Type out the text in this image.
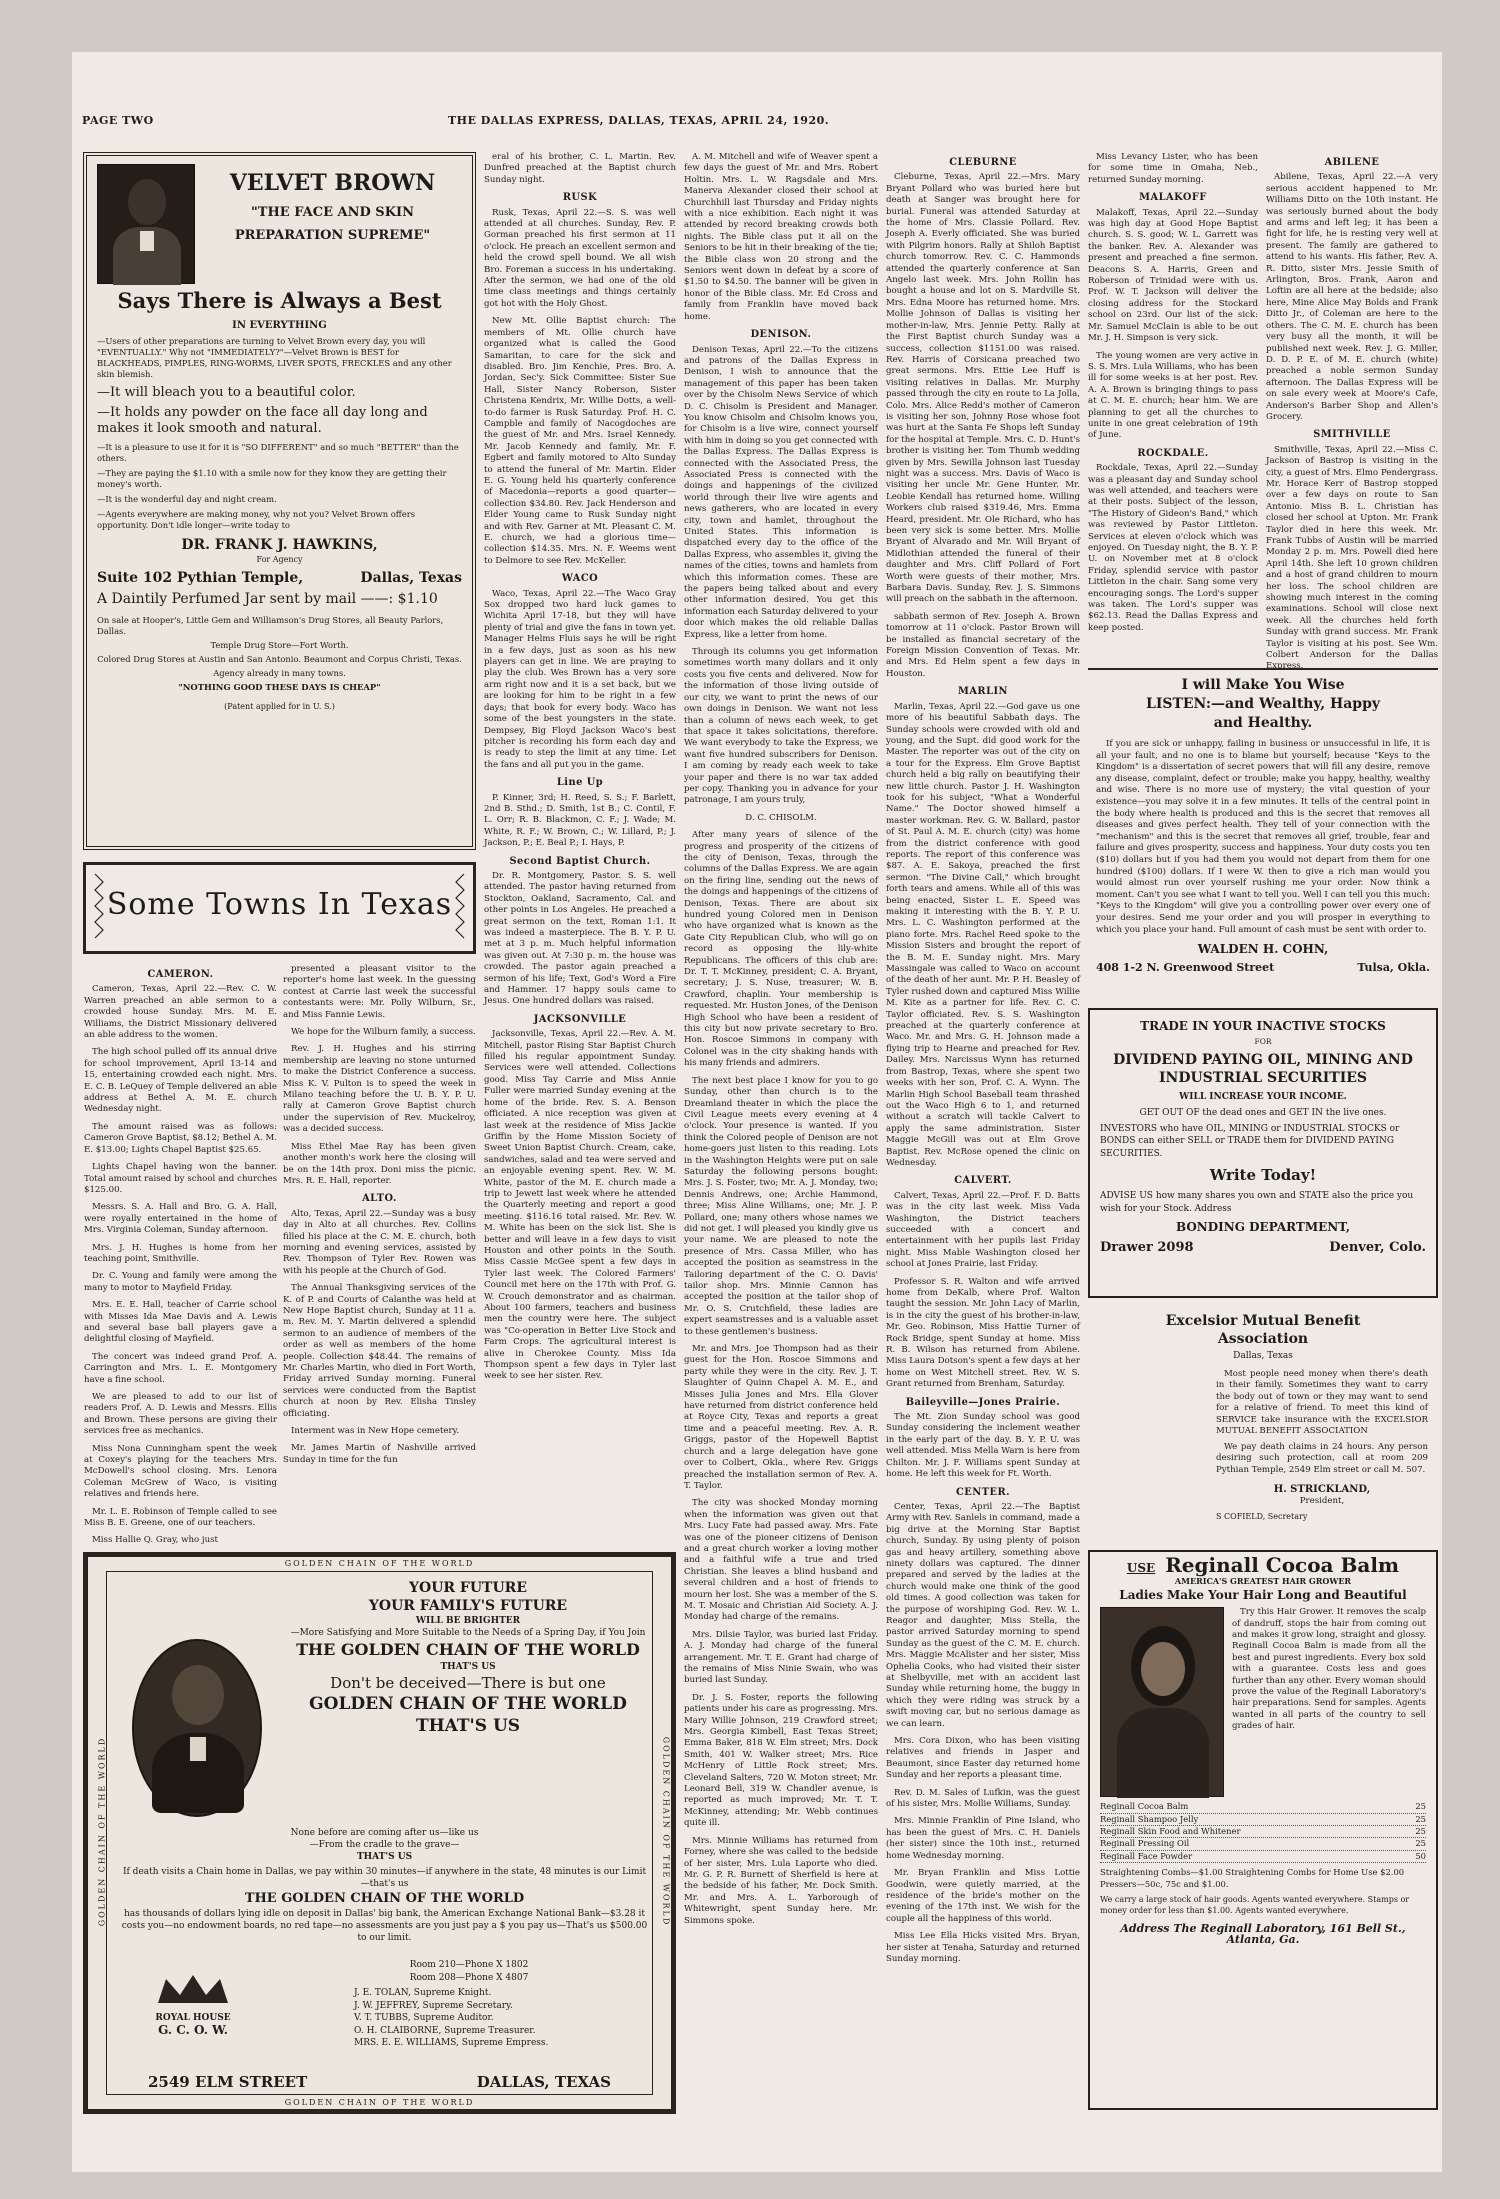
PAGE TWO	THE DALLAS EXPRESS, DALLAS, TEXAS, APRIL 24, 1920.
VELVET BROWN
"THE FACE AND SKIN
PREPARATION SUPREME"
Says There is Always a Best
IN EVERYTHING
—Users of other preparations are turning to Velvet Brown every day, you will "EVENTUALLY." Why not "IMMEDIATELY?"—Velvet Brown is BEST for BLACKHEADS, PIMPLES, RING-WORMS, LIVER SPOTS, FRECKLES and any other skin blemish.
—It will bleach you to a beautiful color.
—It holds any powder on the face all day long and makes it look smooth and natural.
—It is a pleasure to use it for it is "SO DIFFERENT" and so much "BETTER" than the others.
—They are paying the $1.10 with a smile now for they know they are getting their money's worth.
—It is the wonderful day and night cream.
—Agents everywhere are making money, why not you? Velvet Brown offers opportunity. Don't idle longer—write today to
DR. FRANK J. HAWKINS,
For Agency
Suite 102 Pythian Temple,	Dallas, Texas
A Daintily Perfumed Jar sent by mail ——: $1.10
On sale at Hooper's, Little Gem and Williamson's Drug Stores, all Beauty Parlors, Dallas.
Temple Drug Store—Fort Worth.
Colored Drug Stores at Austin and San Antonio. Beaumont and Corpus Christi, Texas.
Agency already in many towns.
"NOTHING GOOD THESE DAYS IS CHEAP"
(Patent applied for in U. S.)
Some Towns In Texas
CAMERON.

Cameron, Texas, April 22.—Rev. C. W. Warren preached an able sermon to a crowded house Sunday. Mrs. M. E. Williams, the District Missionary delivered an able address to the women.

The high school pulled off its annual drive for school improvement, April 13-14 and 15, entertaining crowded each night. Mrs. E. C. B. LeQuey of Temple delivered an able address at Bethel A. M. E. church Wednesday night.

The amount raised was as follows: Cameron Grove Baptist, $8.12; Bethel A. M. E. $13.00; Lights Chapel Baptist $25.65.

Lights Chapel having won the banner. Total amount raised by school and churches $125.00.

Messrs. S. A. Hall and Bro. G. A. Hall, were royally entertained in the home of Mrs. Virginia Coleman, Sunday afternoon.

Mrs. J. H. Hughes is home from her teaching point, Smithville.

Dr. C. Young and family were among the many to motor to Mayfield Friday.

Mrs. E. E. Hall, teacher of Carrie school with Misses Ida Mae Davis and A. Lewis and several base ball players gave a delightful closing of Mayfield.

The concert was indeed grand Prof. A. Carrington and Mrs. L. E. Montgomery have a fine school.

We are pleased to add to our list of readers Prof. A. D. Lewis and Messrs. Ellis and Brown. These persons are giving their services free as mechanics.

Miss Nona Cunningham spent the week at Coxey's playing for the teachers Mrs. McDowell's school closing. Mrs. Lenora Coleman McGrew of Waco, is visiting relatives and friends here.

Mr. L. E. Robinson of Temple called to see Miss B. E. Greene, one of our teachers.

Miss Hallie Q. Gray, who just

presented a pleasant visitor to the reporter's home last week. In the guessing contest at Carrie last week the successful contestants were: Mr. Polly Wilburn, Sr., and Miss Fannie Lewis.

We hope for the Wilburn family, a success.

Rev. J. H. Hughes and his stirring membership are leaving no stone unturned to make the District Conference a success. Miss K. V. Pulton is to speed the week in Milano teaching before the U. B. Y. P. U. rally at Cameron Grove Baptist church under the supervision of Rev. Muckelroy, was a decided success.

Miss Ethel Mae Ray has been given another month's work here the closing will be on the 14th prox. Doni miss the picnic. Mrs. R. E. Hall, reporter.

ALTO.

Alto, Texas, April 22.—Sunday was a busy day in Alto at all churches. Rev. Collins filled his place at the C. M. E. church, both morning and evening services, assisted by Rev. Thompson of Tyler Rev. Rowen was with his people at the Church of God.

The Annual Thanksgiving services of the K. of P. and Courts of Calanthe was held at New Hope Baptist church, Sunday at 11 a. m. Rev. M. Y. Martin delivered a splendid sermon to an audience of members of the order as well as members of the home people. Collection $48.44. The remains of Mr. Charles Martin, who died in Fort Worth, Friday arrived Sunday morning. Funeral services were conducted from the Baptist church at noon by Rev. Elisha Tinsley officiating.

Interment was in New Hope cemetery.

Mr. James Martin of Nashville arrived Sunday in time for the fun

GOLDEN CHAIN OF THE WORLD
GOLDEN CHAIN OF THE WORLD
GOLDEN CHAIN OF THE WORLD	GOLDEN CHAIN OF THE WORLD
YOUR FUTURE
YOUR FAMILY'S FUTURE
WILL BE BRIGHTER
—More Satisfying and More Suitable to the Needs of a Spring Day, if You Join
THE GOLDEN CHAIN OF THE WORLD
THAT'S US
Don't be deceived—There is but one
GOLDEN CHAIN OF THE WORLD
THAT'S US
None before are coming after us—like us
—From the cradle to the grave—
THAT'S US
If death visits a Chain home in Dallas, we pay within 30 minutes—if anywhere in the state, 48 minutes is our Limit
—that's us
THE GOLDEN CHAIN OF THE WORLD
has thousands of dollars lying idle on deposit in Dallas' big bank, the American Exchange National Bank—$3.28 it costs you—no endowment boards, no red tape—no assessments are you just pay a $ you pay us—That's us $500.00 to our limit.
Room 210—Phone X 1802
Room 208—Phone X 4807
J. E. TOLAN, Supreme Knight.
J. W. JEFFREY, Supreme Secretary.
V. T. TUBBS, Supreme Auditor.
O. H. CLAIBORNE, Supreme Treasurer.
MRS. E. E. WILLIAMS, Supreme Empress.
ROYAL HOUSE
G. C. O. W.
2549 ELM STREET	DALLAS, TEXAS

eral of his brother, C. L. Martin. Rev. Dunfred preached at the Baptist church Sunday night.

RUSK

Rusk, Texas, April 22.—S. S. was well attended at all churches. Sunday, Rev. P. Gorman preached his first sermon at 11 o'clock. He preach an excellent sermon and held the crowd spell bound. We all wish Bro. Foreman a success in his undertaking. After the sermon, we had one of the old time class meetings and things certainly got hot with the Holy Ghost.

New Mt. Ollie Baptist church: The members of Mt. Ollie church have organized what is called the Good Samaritan, to care for the sick and disabled. Bro. Jim Kenchie, Pres. Bro. A. Jordan, Sec'y. Sick Committee: Sister Sue Hall, Sister Nancy Roberson, Sister Christena Kendrix, Mr. Willie Dotts, a well-to-do farmer is Rusk Saturday. Prof. H. C. Campble and family of Nacogdoches are the guest of Mr. and Mrs. Israel Kennedy. Mr. Jacob Kennedy and family, Mr. F. Egbert and family motored to Alto Sunday to attend the funeral of Mr. Martin. Elder E. G. Young held his quarterly conference of Macedonia—reports a good quarter—collection $34.80. Rev. Jack Henderson and Elder Young came to Rusk Sunday night and with Rev. Garner at Mt. Pleasant C. M. E. church, we had a glorious time—collection $14.35. Mrs. N. F. Weems went to Delmore to see Rev. McKeller.

WACO

Waco, Texas, April 22.—The Waco Gray Sox dropped two hard luck games to Wichita April 17-18, but they will have plenty of trial and give the fans in town yet. Manager Helms Fluis says he will be right in a few days, just as soon as his new players can get in line. We are praying to play the club. Wes Brown has a very sore arm right now and it is a set back, but we are looking for him to be right in a few days; that book for every body. Waco has some of the best youngsters in the state. Dempsey, Big Floyd Jackson Waco's best pitcher is recording his form each day and is ready to step the limit at any time. Let the fans and all put you in the game.

Line Up

P. Kinner, 3rd; H. Reed, S. S.; F. Barlett, 2nd B. Sthd.; D. Smith, 1st B.; C. Contil, F. L. Orr; R. B. Blackmon, C. F.; J. Wade; M. White, R. F.; W. Brown, C.; W. Lillard, P.; J. Jackson, P.; E. Beal P.; I. Hays, P.

Second Baptist Church.

Dr. R. Montgomery, Pastor. S. S. well attended. The pastor having returned from Stockton, Oakland, Sacramento, Cal. and other points in Los Angeles. He preached a great sermon on the text, Roman 1:1. It was indeed a masterpiece. The B. Y. P. U. met at 3 p. m. Much helpful information was given out. At 7:30 p. m. the house was crowded. The pastor again preached a sermon of his life; Text, God's Word a Fire and Hammer. 17 happy souls came to Jesus. One hundred dollars was raised.

JACKSONVILLE

Jacksonville, Texas, April 22.—Rev. A. M. Mitchell, pastor Rising Star Baptist Church filled his regular appointment Sunday. Services were well attended. Collections good. Miss Tay Carrie and Miss Annie Fuller were married Sunday evening at the home of the bride. Rev. S. A. Benson officiated. A nice reception was given at last week at the residence of Miss Jackie Griffin by the Home Mission Society of Sweet Union Baptist Church. Cream, cake, sandwiches, salad and tea were served and an enjoyable evening spent. Rev. W. M. White, pastor of the M. E. church made a trip to Jewett last week where he attended the Quarterly meeting and report a good meeting. $116.16 total raised. Mr. Rev. W. M. White has been on the sick list. She is better and will leave in a few days to visit Houston and other points in the South. Miss Cassie McGee spent a few days in Tyler last week. The Colored Farmers' Council met here on the 17th with Prof. G. W. Crouch demonstrator and as chairman. About 100 farmers, teachers and business men the country were here. The subject was "Co-operation in Better Live Stock and Farm Crops. The agricultural interest is alive in Cherokee County. Miss Ida Thompson spent a few days in Tyler last week to see her sister. Rev.

A. M. Mitchell and wife of Weaver spent a few days the guest of Mr. and Mrs. Robert Holtin. Mrs. L. W. Ragsdale and Mrs. Manerva Alexander closed their school at Churchhill last Thursday and Friday nights with a nice exhibition. Each night it was attended by record breaking crowds both nights. The Bible class put it all on the Seniors to be hit in their breaking of the tie; the Bible class won 20 strong and the Seniors went down in defeat by a score of $1.50 to $4.50. The banner will be given in honor of the Bible class. Mr. Ed Cross and family from Franklin have moved back home.

DENISON.

Denison Texas, April 22.—To the citizens and patrons of the Dallas Express in Denison, I wish to announce that the management of this paper has been taken over by the Chisolm News Service of which D. C. Chisolm is President and Manager. You know Chisolm and Chisolm knows you, for Chisolm is a live wire, connect yourself with him in doing so you get connected with the Dallas Express. The Dallas Express is connected with the Associated Press, the Associated Press is connected with the doings and happenings of the civilized world through their live wire agents and news gatherers, who are located in every city, town and hamlet, throughout the United States. This information is dispatched every day to the office of the Dallas Express, who assembles it, giving the names of the cities, towns and hamlets from which this information comes. These are the papers being talked about and every other information desired. You get this information each Saturday delivered to your door which makes the old reliable Dallas Express, like a letter from home.

Through its columns you get information sometimes worth many dollars and it only costs you five cents and delivered. Now for the information of those living outside of our city, we want to print the news of our own doings in Denison. We want not less than a column of news each week, to get that space it takes solicitations, therefore. We want everybody to take the Express, we want five hundred subscribers for Denison. I am coming by ready each week to take your paper and there is no war tax added per copy. Thanking you in advance for your patronage, I am yours truly,

D. C. CHISOLM.

After many years of silence of the progress and prosperity of the citizens of the city of Denison, Texas, through the columns of the Dallas Express. We are again on the firing line, sending out the news of the doings and happenings of the citizens of Denison, Texas. There are about six hundred young Colored men in Denison who have organized what is known as the Gate City Republican Club, who will go on record as opposing the lily-white Republicans. The officers of this club are: Dr. T. T. McKinney, president; C. A. Bryant, secretary; J. S. Nuse, treasurer; W. B. Crawford, chaplin. Your membership is requested. Mr. Huston Jones, of the Denison High School who have been a resident of this city but now private secretary to Bro. Hon. Roscoe Simmons in company with Colonel was in the city shaking hands with his many friends and admirers.

The next best place I know for you to go Sunday, other than church is to the Dreamland theater in which the place the Civil League meets every evening at 4 o'clock. Your presence is wanted. If you think the Colored people of Denison are not home-goers just listen to this reading. Lots in the Washington Heights were put on sale Saturday the following persons bought: Mrs. J. S. Foster, two; Mr. A. J. Monday, two; Dennis Andrews, one; Archie Hammond, three; Miss Aline Williams, one; Mr. J. P. Pollard, one; many others whose names we did not get. I will pleased you kindly give us your name. We are pleased to note the presence of Mrs. Cassa Miller, who has accepted the position as seamstress in the Tailoring department of the C. O. Davis' tailor shop. Mrs. Minnie Cannon has accepted the position at the tailor shop of Mr. O. S. Crutchfield, these ladies are expert seamstresses and is a valuable asset to these gentlemen's business.

Mr. and Mrs. Joe Thompson had as their guest for the Hon. Roscoe Simmons and party while they were in the city. Rev. J. T. Slaughter of Quinn Chapel A. M. E., and Misses Julia Jones and Mrs. Ella Glover have returned from district conference held at Royce City, Texas and reports a great time and a peaceful meeting. Rev. A. R. Griggs, pastor of the Hopewell Baptist church and a large delegation have gone over to Colbert, Okla., where Rev. Griggs preached the installation sermon of Rev. A. T. Taylor.

The city was shocked Monday morning when the information was given out that Mrs. Lucy Fate had passed away. Mrs. Fate was one of the pioneer citizens of Denison and a great church worker a loving mother and a faithful wife a true and tried Christian. She leaves a blind husband and several children and a host of friends to mourn her lost. She was a member of the S. M. T. Mosaic and Christian Aid Society. A. J. Monday had charge of the remains.

Mrs. Dilsie Taylor, was buried last Friday. A. J. Monday had charge of the funeral arrangement. Mr. T. E. Grant had charge of the remains of Miss Ninie Swain, who was buried last Sunday.

Dr. J. S. Foster, reports the following patients under his care as progressing. Mrs. Mary Willie Johnson, 219 Crawford street; Mrs. Georgia Kimbell, East Texas Street; Emma Baker, 818 W. Elm street; Mrs. Dock Smith, 401 W. Walker street; Mrs. Rice McHenry of Little Rock street; Mrs. Cleveland Salters, 720 W. Moton street; Mr. Leonard Bell, 319 W. Chandler avenue, is reported as much improved; Mr. T. T. McKinney, attending; Mr. Webb continues quite ill.

Mrs. Minnie Williams has returned from Forney, where she was called to the bedside of her sister, Mrs. Lula Laporte who died. Mr. G. P. R. Burnett of Sherfield is here at the bedside of his father, Mr. Dock Smith. Mr. and Mrs. A. L. Yarborough of Whitewright, spent Sunday here. Mr. Simmons spoke.

CLEBURNE

Cleburne, Texas, April 22.—Mrs. Mary Bryant Pollard who was buried here but death at Sanger was brought here for burial. Funeral was attended Saturday at the home of Mrs. Classie Pollard. Rev. Joseph A. Everly officiated. She was buried with Pilgrim honors. Rally at Shiloh Baptist church tomorrow. Rev. C. C. Hammonds attended the quarterly conference at San Angelo last week. Mrs. John Rollin has bought a house and lot on S. Mardville St. Mrs. Edna Moore has returned home. Mrs. Mollie Johnson of Dallas is visiting her mother-in-law, Mrs. Jennie Petty. Rally at the First Baptist church Sunday was a success, collection $1151.00 was raised. Rev. Harris of Corsicana preached two great sermons. Mrs. Ettie Lee Huff is visiting relatives in Dallas. Mr. Murphy passed through the city en route to La Jolla, Colo. Mrs. Alice Redd's mother of Cameron is visiting her son, Johnny Rose whose foot was hurt at the Santa Fe Shops left Sunday for the hospital at Temple. Mrs. C. D. Hunt's brother is visiting her. Tom Thumb wedding given by Mrs. Sewilla Johnson last Tuesday night was a success. Mrs. Davis of Waco is visiting her uncle Mr. Gene Hunter. Mr. Leobie Kendall has returned home. Willing Workers club raised $319.46, Mrs. Emma Heard, president. Mr. Ole Richard, who has been very sick is some better. Mrs. Mollie Bryant of Alvarado and Mr. Will Bryant of Midlothian attended the funeral of their daughter and Mrs. Cliff Pollard of Fort Worth were guests of their mother, Mrs. Barbara Davis. Sunday, Rev. J. S. Simmons will preach on the sabbath in the afternoon.

sabbath sermon of Rev. Joseph A. Brown tomorrow at 11 o'clock. Pastor Brown will be installed as financial secretary of the Foreign Mission Convention of Texas. Mr. and Mrs. Ed Helm spent a few days in Houston.

MARLIN

Marlin, Texas, April 22.—God gave us one more of his beautiful Sabbath days. The Sunday schools were crowded with old and young, and the Supt. did good work for the Master. The reporter was out of the city on a tour for the Express. Elm Grove Baptist church held a big rally on beautifying their new little church. Pastor J. H. Washington took for his subject, "What a Wonderful Name." The Doctor showed himself a master workman. Rev. G. W. Ballard, pastor of St. Paul A. M. E. church (city) was home from the district conference with good reports. The report of this conference was $87. A. E. Sakoya, preached the first sermon. "The Divine Call," which brought forth tears and amens. While all of this was being enacted, Sister L. E. Speed was making it interesting with the B. Y. P. U. Mrs. L. C. Washington performed at the piano forte. Mrs. Rachel Reed spoke to the Mission Sisters and brought the report of the B. M. E. Sunday night. Mrs. Mary Massingale was called to Waco on account of the death of her aunt. Mr. P. H. Beasley of Tyler rushed down and captured Miss Willie M. Kite as a partner for life. Rev. C. C. Taylor officiated. Rev. S. S. Washington preached at the quarterly conference at Waco. Mr. and Mrs. G. H. Johnson made a flying trip to Hearne and preached for Rev. Dailey. Mrs. Narcissus Wynn has returned from Bastrop, Texas, where she spent two weeks with her son, Prof. C. A. Wynn. The Marlin High School Baseball team thrashed out the Waco High 6 to 1, and returned without a scratch will tackle Calvert to apply the same administration. Sister Maggie McGill was out at Elm Grove Baptist. Rev. McRose opened the clinic on Wednesday.

CALVERT.

Calvert, Texas, April 22.—Prof. F. D. Batts was in the city last week. Miss Vada Washington, the District teachers succeeded with a concert and entertainment with her pupils last Friday night. Miss Mable Washington closed her school at Jones Prairie, last Friday.

Professor S. R. Walton and wife arrived home from DeKalb, where Prof. Walton taught the session. Mr. John Lacy of Marlin, is in the city the guest of his brother-in-law, Mr. Geo. Robinson, Miss Hattie Turner of Rock Bridge, spent Sunday at home. Miss R. B. Wilson has returned from Abilene. Miss Laura Dotson's spent a few days at her home on West Mitchell street. Rev. W. S. Grant returned from Brenham, Saturday.

Baileyville—Jones Prairie.

The Mt. Zion Sunday school was good Sunday considering the inclement weather in the early part of the day. B. Y. P. U. was well attended. Miss Mella Warn is here from Chilton. Mr. J. F. Williams spent Sunday at home. He left this week for Ft. Worth.

CENTER.

Center, Texas, April 22.—The Baptist Army with Rev. Sanlels in command, made a big drive at the Morning Star Baptist church, Sunday. By using plenty of poison gas and heavy artillery, something above ninety dollars was captured. The dinner prepared and served by the ladies at the church would make one think of the good old times. A good collection was taken for the purpose of worshiping God. Rev. W. L. Reagor and daughter, Miss Stella, the pastor arrived Saturday morning to spend Sunday as the guest of the C. M. E. church. Mrs. Maggie McAlister and her sister, Miss Ophelia Cooks, who had visited their sister at Shelbyville, met with an accident last Sunday while returning home, the buggy in which they were riding was struck by a swift moving car, but no serious damage as we can learn.

Mrs. Cora Dixon, who has been visiting relatives and friends in Jasper and Beaumont, since Easter day returned home Sunday and her reports a pleasant time.

Rev. D. M. Sales of Lufkin, was the guest of his sister, Mrs. Mollie Williams, Sunday.

Mrs. Minnie Franklin of Pine Island, who has been the guest of Mrs. C. H. Daniels (her sister) since the 10th inst., returned home Wednesday morning.

Mr. Bryan Franklin and Miss Lottie Goodwin, were quietly married, at the residence of the bride's mother on the evening of the 17th inst. We wish for the couple all the happiness of this world.

Miss Lee Ella Hicks visited Mrs. Bryan, her sister at Tenaha, Saturday and returned Sunday morning.

Miss Levancy Lister, who has been for some time in Omaha, Neb., returned Sunday morning.

MALAKOFF

Malakoff, Texas, April 22.—Sunday was high day at Good Hope Baptist church. S. S. good; W. L. Garrett was the banker. Rev. A. Alexander was present and preached a fine sermon. Deacons S. A. Harris, Green and Roberson of Trinidad were with us. Prof. W. T. Jackson will deliver the closing address for the Stockard school on 23rd. Our list of the sick: Mr. Samuel McClain is able to be out Mr. J. H. Simpson is very sick.

The young women are very active in S. S. Mrs. Lula Williams, who has been ill for some weeks is at her post. Rev. A. A. Brown is bringing things to pass at C. M. E. church; hear him. We are planning to get all the churches to unite in one great celebration of 19th of June.

ROCKDALE.

Rockdale, Texas, April 22.—Sunday was a pleasant day and Sunday school was well attended, and teachers were at their posts. Subject of the lesson, "The History of Gideon's Band," which was reviewed by Pastor Littleton. Services at eleven o'clock which was enjoyed. On Tuesday night, the B. Y. P. U. on November met at 8 o'clock Friday, splendid service with pastor Littleton in the chair. Sang some very encouraging songs. The Lord's supper was taken. The Lord's supper was $62.13. Read the Dallas Express and keep posted.

ABILENE

Abilene, Texas, April 22.—A very serious accident happened to Mr. Williams Ditto on the 10th instant. He was seriously burned about the body and arms and left leg; it has been a fight for life, he is resting very well at present. The family are gathered to attend to his wants. His father, Rev. A. R. Ditto, sister Mrs. Jessie Smith of Arlington, Bros. Frank, Aaron and Loftin are all here at the bedside; also here, Mine Alice May Bolds and Frank Ditto Jr., of Coleman are here to the others. The C. M. E. church has been very busy all the month, it will be published next week. Rev. J. G. Miller, D. D. P. E. of M. E. church (white) preached a noble sermon Sunday afternoon. The Dallas Express will be on sale every week at Moore's Cafe, Anderson's Barber Shop and Allen's Grocery.

SMITHVILLE

Smithville, Texas, April 22.—Miss C. Jackson of Bastrop is visiting in the city, a guest of Mrs. Elmo Pendergrass. Mr. Horace Kerr of Bastrop stopped over a few days on route to San Antonio. Miss B. L. Christian has closed her school at Upton. Mr. Frank Taylor died in here this week. Mr. Frank Tubbs of Austin will be married Monday 2 p. m. Mrs. Powell died here April 14th. She left 10 grown children and a host of grand children to mourn her loss. The school children are showing much interest in the coming examinations. School will close next week. All the churches held forth Sunday with grand success. Mr. Frank Taylor is visiting at his post. See Wm. Colbert Anderson for the Dallas Express.

I will Make You Wise
LISTEN:—and Wealthy, Happy
and Healthy.
If you are sick or unhappy, failing in business or unsuccessful in life, it is all your fault, and no one is to blame but yourself; because "Keys to the Kingdom" is a dissertation of secret powers that will fill any desire, remove any disease, complaint, defect or trouble; make you happy, healthy, wealthy and wise. There is no more use of mystery; the vital question of your existence—you may solve it in a few minutes. It tells of the central point in the body where health is produced and this is the secret that removes all diseases and gives perfect health. They tell of your connection with the "mechanism" and this is the secret that removes all grief, trouble, fear and failure and gives prosperity, success and happiness. Your duty costs you ten ($10) dollars but if you had them you would not depart from them for one hundred ($100) dollars. If I were W. then to give a rich man would you would almost run over yourself rushing me your order. Now think a moment. Can't you see what I want to tell you. Well I can tell you this much: "Keys to the Kingdom" will give you a controlling power over every one of your desires. Send me your order and you will prosper in everything to which you place your hand. Full amount of cash must be sent with order to.
WALDEN H. COHN,
408 1-2 N. Greenwood Street	Tulsa, Okla.
TRADE IN YOUR INACTIVE STOCKS
FOR
DIVIDEND PAYING OIL, MINING AND INDUSTRIAL SECURITIES
WILL INCREASE YOUR INCOME.
GET OUT OF the dead ones and GET IN the live ones.
INVESTORS who have OIL, MINING or INDUSTRIAL STOCKS or BONDS can either SELL or TRADE them for DIVIDEND PAYING SECURITIES.
Write Today!
ADVISE US how many shares you own and STATE also the price you wish for your Stock. Address
BONDING DEPARTMENT,
Drawer 2098	Denver, Colo.
Excelsior Mutual Benefit
Association
Dallas, Texas
Most people need money when there's death in their family. Sometimes they want to carry the body out of town or they may want to send for a relative of friend. To meet this kind of SERVICE take insurance with the EXCELSIOR MUTUAL BENEFIT ASSOCIATION
We pay death claims in 24 hours. Any person desiring such protection, call at room 209 Pythian Temple, 2549 Elm street or call M. 507.
H. STRICKLAND,
President,
S COFIELD, Secretary
USE Reginall Cocoa Balm
AMERICA'S GREATEST HAIR GROWER
Ladies Make Your Hair Long and Beautiful
Try this Hair Grower. It removes the scalp of dandruff, stops the hair from coming out and makes it grow long, straight and glossy. Reginall Cocoa Balm is made from all the best and purest ingredients. Every box sold with a guarantee. Costs less and goes further than any other. Every woman should prove the value of the Reginall Laboratory's hair preparations. Send for samples. Agents wanted in all parts of the country to sell grades of hair.
Reginall Cocoa Balm	25
Reginall Shampoo Jelly	25
Reginall Skin Food and Whitener	25
Reginall Pressing Oil	25
Reginall Face Powder	50
Straightening Combs—$1.00 Straightening Combs for Home Use $2.00
Pressers—50c, 75c and $1.00.
We carry a large stock of hair goods. Agents wanted everywhere. Stamps or money order for less than $1.00. Agents wanted everywhere.
Address The Reginall Laboratory, 161 Bell St., Atlanta, Ga.
